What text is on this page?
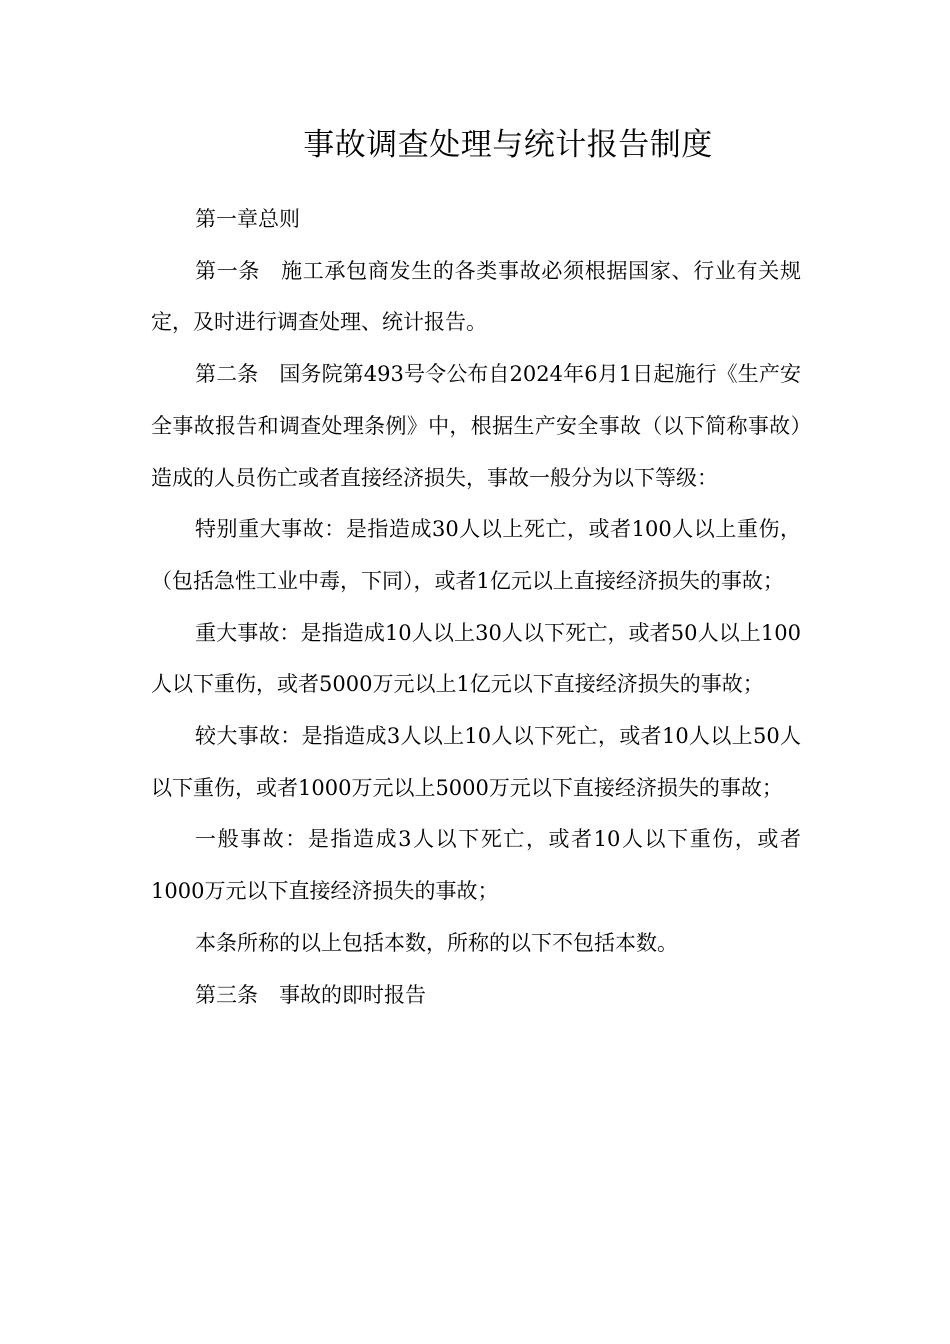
事故调查处理与统计报告制度

第一章总则

第一条 施工承包商发生的各类事故必须根据国家、行业有关规定，及时进行调查处理、统计报告。

第二条 国务院第493号令公布自2024年6月1日起施行《生产安全事故报告和调查处理条例》中，根据生产安全事故（以下简称事故）造成的人员伤亡或者直接经济损失，事故一般分为以下等级：

特别重大事故：是指造成30人以上死亡，或者100人以上重伤，（包括急性工业中毒，下同），或者1亿元以上直接经济损失的事故；

重大事故：是指造成10人以上30人以下死亡，或者50人以上100人以下重伤，或者5000万元以上1亿元以下直接经济损失的事故；

较大事故：是指造成3人以上10人以下死亡，或者10人以上50人以下重伤，或者1000万元以上5000万元以下直接经济损失的事故；

一般事故：是指造成3人以下死亡，或者10人以下重伤，或者1000万元以下直接经济损失的事故；

本条所称的以上包括本数，所称的以下不包括本数。

第三条 事故的即时报告
